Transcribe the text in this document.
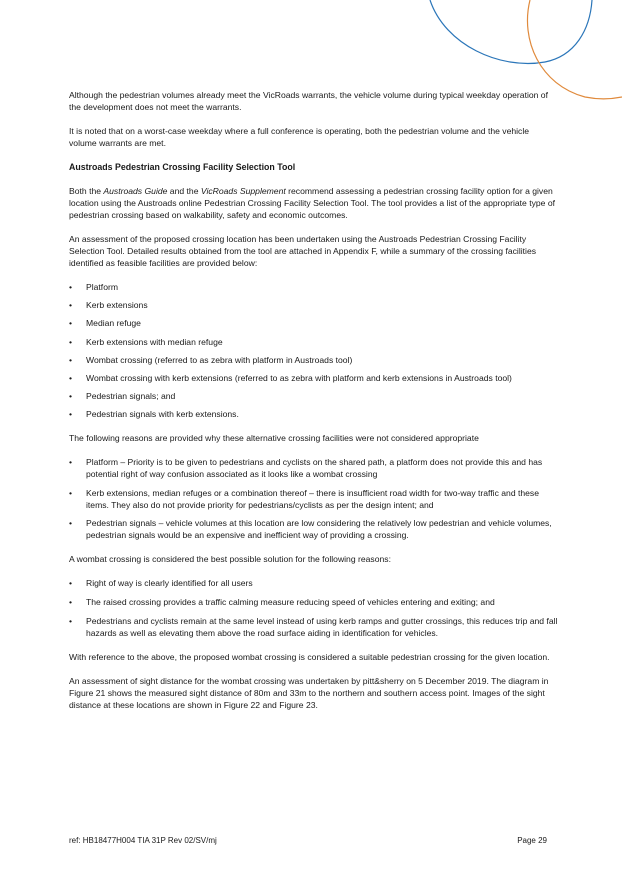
Although the pedestrian volumes already meet the VicRoads warrants, the vehicle volume during typical weekday operation of the development does not meet the warrants.

It is noted that on a worst-case weekday where a full conference is operating, both the pedestrian volume and the vehicle volume warrants are met.

Austroads Pedestrian Crossing Facility Selection Tool

Both the Austroads Guide and the VicRoads Supplement recommend assessing a pedestrian crossing facility option for a given location using the Austroads online Pedestrian Crossing Facility Selection Tool. The tool provides a list of the appropriate type of pedestrian crossing based on walkability, safety and economic outcomes.

An assessment of the proposed crossing location has been undertaken using the Austroads Pedestrian Crossing Facility Selection Tool. Detailed results obtained from the tool are attached in Appendix F, while a summary of the crossing facilities identified as feasible facilities are provided below:

• Platform
• Kerb extensions
• Median refuge
• Kerb extensions with median refuge
• Wombat crossing (referred to as zebra with platform in Austroads tool)
• Wombat crossing with kerb extensions (referred to as zebra with platform and kerb extensions in Austroads tool)
• Pedestrian signals; and
• Pedestrian signals with kerb extensions.

The following reasons are provided why these alternative crossing facilities were not considered appropriate

• Platform – Priority is to be given to pedestrians and cyclists on the shared path, a platform does not provide this and has potential right of way confusion associated as it looks like a wombat crossing
• Kerb extensions, median refuges or a combination thereof – there is insufficient road width for two-way traffic and these items. They also do not provide priority for pedestrians/cyclists as per the design intent; and
• Pedestrian signals – vehicle volumes at this location are low considering the relatively low pedestrian and vehicle volumes, pedestrian signals would be an expensive and inefficient way of providing a crossing.

A wombat crossing is considered the best possible solution for the following reasons:

• Right of way is clearly identified for all users
• The raised crossing provides a traffic calming measure reducing speed of vehicles entering and exiting; and
• Pedestrians and cyclists remain at the same level instead of using kerb ramps and gutter crossings, this reduces trip and fall hazards as well as elevating them above the road surface aiding in identification for vehicles.

With reference to the above, the proposed wombat crossing is considered a suitable pedestrian crossing for the given location.

An assessment of sight distance for the wombat crossing was undertaken by pitt&sherry on 5 December 2019. The diagram in Figure 21 shows the measured sight distance of 80m and 33m to the northern and southern access point. Images of the sight distance at these locations are shown in Figure 22 and Figure 23.

ref: HB18477H004 TIA 31P Rev 02/SV/mj	Page 29
